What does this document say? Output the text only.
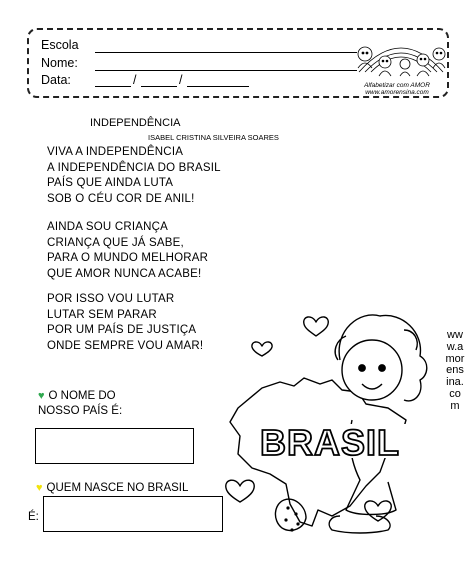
Escola
Nome:
Data:	/	/	Alfabetizar com AMOR
www.amorensina.com
INDEPENDÊNCIA
ISABEL CRISTINA SILVEIRA SOARES
VIVA A INDEPENDÊNCIA
A INDEPENDÊNCIA DO BRASIL
PAÍS QUE AINDA LUTA
SOB O CÉU COR DE ANIL!
AINDA SOU CRIANÇA
CRIANÇA QUE JÁ SABE,
PARA O MUNDO MELHORAR
QUE AMOR NUNCA ACABE!
POR ISSO VOU LUTAR
LUTAR SEM PARAR
POR UM PAÍS DE JUSTIÇA
ONDE SEMPRE VOU AMAR!
♥ O NOME DO
NOSSO PAÍS É:
♥ QUEM NASCE NO BRASIL
É:
BRASIL
www.amorensina.com
